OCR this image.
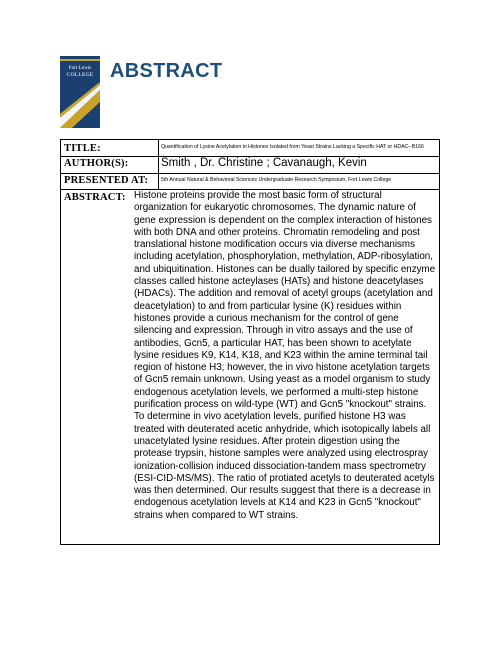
Fort Lewis
COLLEGE ABSTRACT
TITLE:	Quantification of Lysine Acetylation in Histones Isolated from Yeast Strains Lacking a Specific HAT or HDAC--B166
AUTHOR(S):	Smith , Dr. Christine ; Cavanaugh, Kevin
PRESENTED AT:	5th Annual Natural & Behavioral Sciences Undergraduate Research Symposium, Fort Lewis College
ABSTRACT: Histone proteins provide the most basic form of structural organization for eukaryotic chromosomes. The dynamic nature of gene expression is dependent on the complex interaction of histones with both DNA and other proteins. Chromatin remodeling and post translational histone modification occurs via diverse mechanisms including acetylation, phosphorylation, methylation, ADP-ribosylation, and ubiquitination. Histones can be dually tailored by specific enzyme classes called histone acteylases (HATs) and histone deacetylases (HDACs). The addition and removal of acetyl groups (acetylation and deacetylation) to and from particular lysine (K) residues within histones provide a curious mechanism for the control of gene silencing and expression. Through in vitro assays and the use of antibodies, Gcn5, a particular HAT, has been shown to acetylate lysine residues K9, K14, K18, and K23 within the amine terminal tail region of histone H3; however, the in vivo histone acetylation targets of Gcn5 remain unknown. Using yeast as a model organism to study endogenous acetylation levels, we performed a multi-step histone purification process on wild-type (WT) and Gcn5 "knockout" strains. To determine in vivo acetylation levels, purified histone H3 was treated with deuterated acetic anhydride, which isotopically labels all unacetylated lysine residues. After protein digestion using the protease trypsin, histone samples were analyzed using electrospray ionization-collision induced dissociation-tandem mass spectrometry (ESI-CID-MS/MS). The ratio of protiated acetyls to deuterated acetyls was then determined. Our results suggest that there is a decrease in endogenous acetylation levels at K14 and K23 in Gcn5 "knockout" strains when compared to WT strains.
